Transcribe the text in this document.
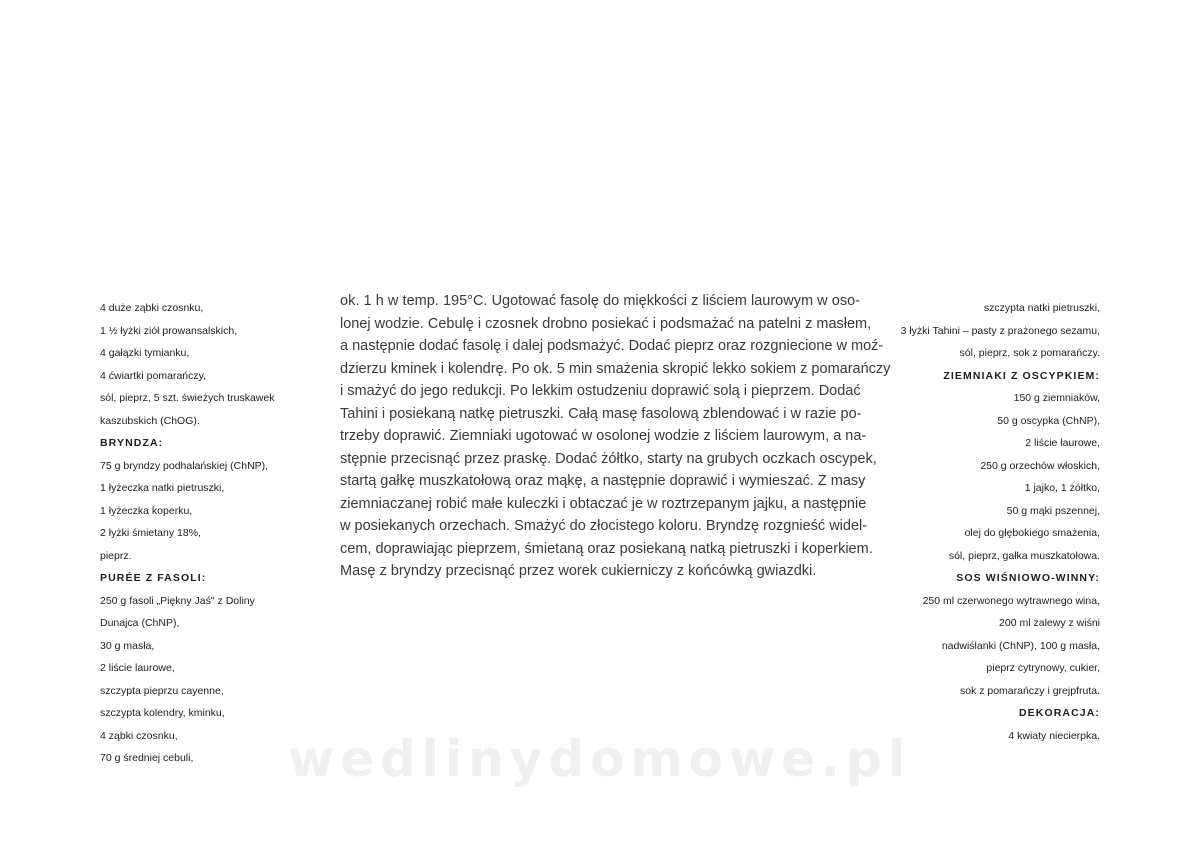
4 duże ząbki czosnku,
1 ½ łyżki ziół prowansalskich,
4 gałązki tymianku,
4 ćwiartki pomarańczy,
sól, pieprz, 5 szt. świeżych truskawek
kaszubskich (ChOG).
BRYNDZA:
75 g bryndzy podhalańskiej (ChNP),
1 łyżeczka natki pietruszki,
1 łyżeczka koperku,
2 łyżki śmietany 18%,
pieprz.
PURÉE Z FASOLI:
250 g fasoli „Piękny Jaś" z Doliny
Dunajca (ChNP),
30 g masła,
2 liście laurowe,
szczypta pieprzu cayenne,
szczypta kolendry, kminku,
4 ząbki czosnku,
70 g średniej cebuli,
ok. 1 h w temp. 195°C. Ugotować fasolę do miękkości z liściem laurowym w oso-
lonej wodzie. Cebulę i czosnek drobno posiekać i podsmażać na patelni z masłem,
a następnie dodać fasolę i dalej podsmażyć. Dodać pieprz oraz rozgniecione w moź-
dzierzu kminek i kolendrę. Po ok. 5 min smażenia skropić lekko sokiem z pomarańczy
i smażyć do jego redukcji. Po lekkim ostudzeniu doprawić solą i pieprzem. Dodać
Tahini i posiekaną natkę pietruszki. Całą masę fasolową zblendować i w razie po-
trzeby doprawić. Ziemniaki ugotować w osolonej wodzie z liściem laurowym, a na-
stępnie przecisnąć przez praskę. Dodać żółtko, starty na grubych oczkach oscypek,
startą gałkę muszkatołową oraz mąkę, a następnie doprawić i wymieszać. Z masy
ziemniaczanej robić małe kuleczki i obtaczać je w roztrzepanym jajku, a następnie
w posiekanych orzechach. Smażyć do złocistego koloru. Bryndzę rozgnieść widel-
cem, doprawiając pieprzem, śmietaną oraz posiekaną natką pietruszki i koperkiem.
Masę z bryndzy przecisnąć przez worek cukierniczy z końcówką gwiazdki.
szczypta natki pietruszki,
3 łyżki Tahini – pasty z prażonego sezamu,
sól, pieprz, sok z pomarańczy.
ZIEMNIAKI Z OSCYPKIEM:
150 g ziemniaków,
50 g oscypka (ChNP),
2 liście laurowe,
250 g orzechów włoskich,
1 jajko, 1 żółtko,
50 g mąki pszennej,
olej do głębokiego smażenia,
sól, pieprz, gałka muszkatołowa.
SOS WIŚNIOWO-WINNY:
250 ml czerwonego wytrawnego wina,
200 ml zalewy z wiśni
nadwiślanki (ChNP), 100 g masła,
pieprz cytrynowy, cukier,
sok z pomarańczy i grejpfruta.
DEKORACJA:
4 kwiaty niecierpka.
wedlinydomowe.pl
